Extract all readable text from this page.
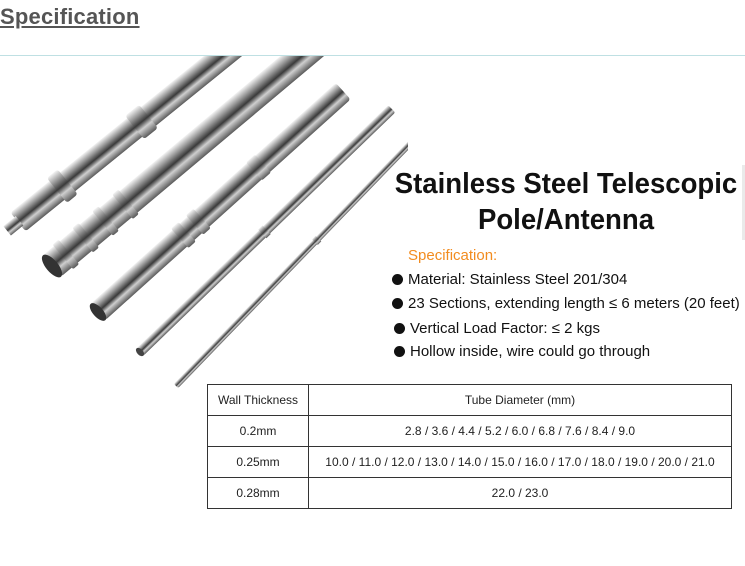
Specification
Stainless Steel Telescopic
Pole/Antenna
Specification:
Material: Stainless Steel 201/304
23 Sections, extending length ≤ 6 meters (20 feet)
Vertical Load Factor: ≤ 2 kgs
Hollow inside, wire could go through
Wall Thickness	Tube Diameter (mm)
0.2mm	2.8 / 3.6 / 4.4 / 5.2 / 6.0 / 6.8 / 7.6 / 8.4 / 9.0
0.25mm	10.0 / 11.0 / 12.0 / 13.0 / 14.0 / 15.0 / 16.0 / 17.0 / 18.0 / 19.0 / 20.0 / 21.0
0.28mm	22.0 / 23.0
